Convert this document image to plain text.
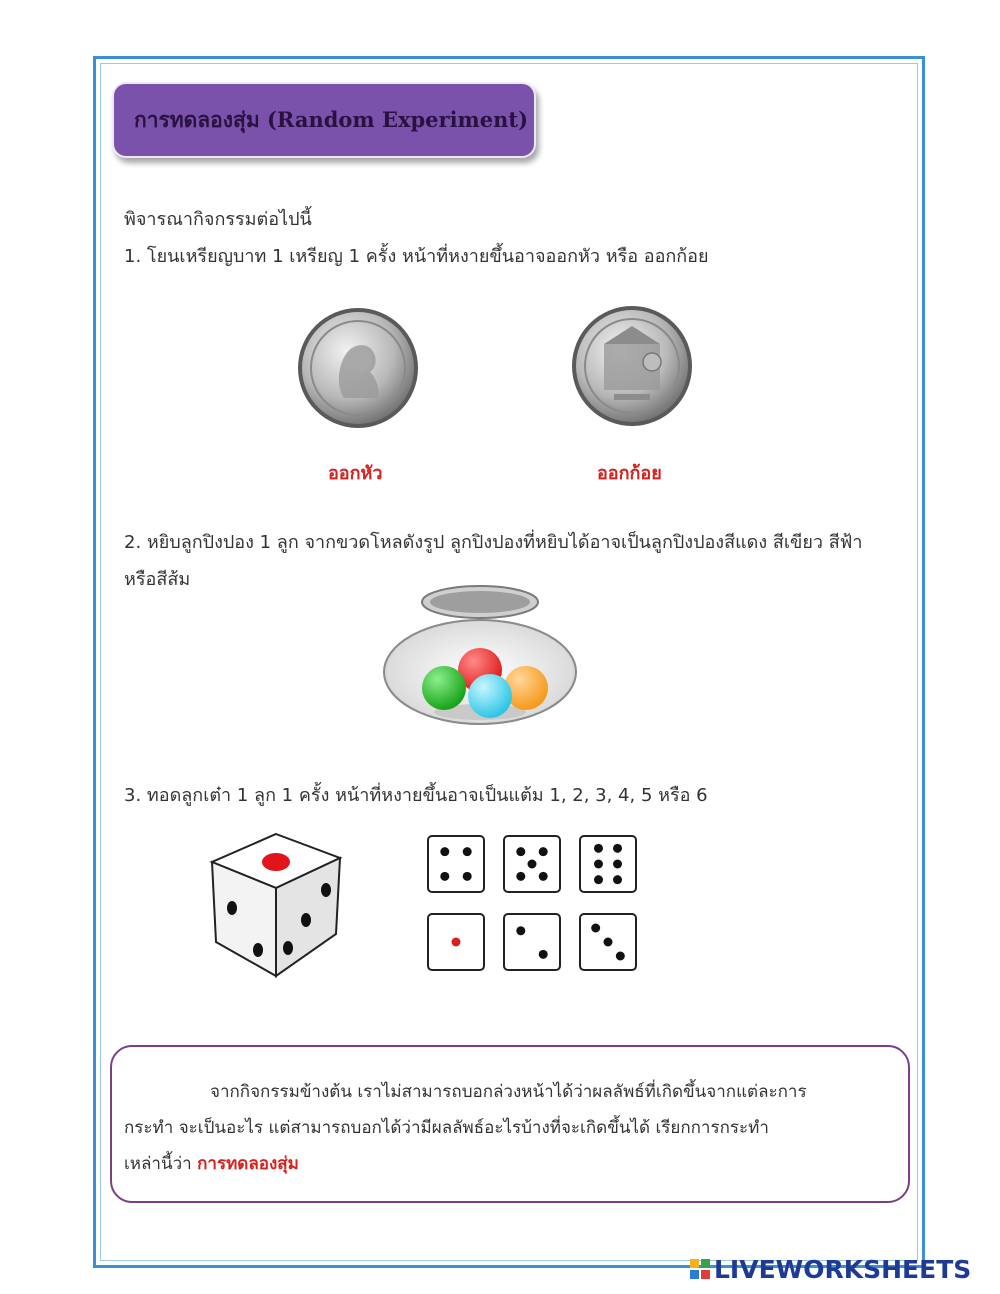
การทดลองสุ่ม (Random Experiment)
พิจารณากิจกรรมต่อไปนี้
1. โยนเหรียญบาท 1 เหรียญ 1 ครั้ง หน้าที่หงายขึ้นอาจออกหัว หรือ ออกก้อย
ออกหัว	ออกก้อย
2. หยิบลูกปิงปอง 1 ลูก จากขวดโหลดังรูป ลูกปิงปองที่หยิบได้อาจเป็นลูกปิงปองสีแดง สีเขียว สีฟ้า
หรือสีส้ม
3. ทอดลูกเต๋า 1 ลูก 1 ครั้ง หน้าที่หงายขึ้นอาจเป็นแต้ม 1, 2, 3, 4, 5 หรือ 6
จากกิจกรรมข้างต้น เราไม่สามารถบอกล่วงหน้าได้ว่าผลลัพธ์ที่เกิดขึ้นจากแต่ละการ
กระทำ จะเป็นอะไร แต่สามารถบอกได้ว่ามีผลลัพธ์อะไรบ้างที่จะเกิดขึ้นได้ เรียกการกระทำ
เหล่านี้ว่า การทดลองสุ่ม
LIVEWORKSHEETS
